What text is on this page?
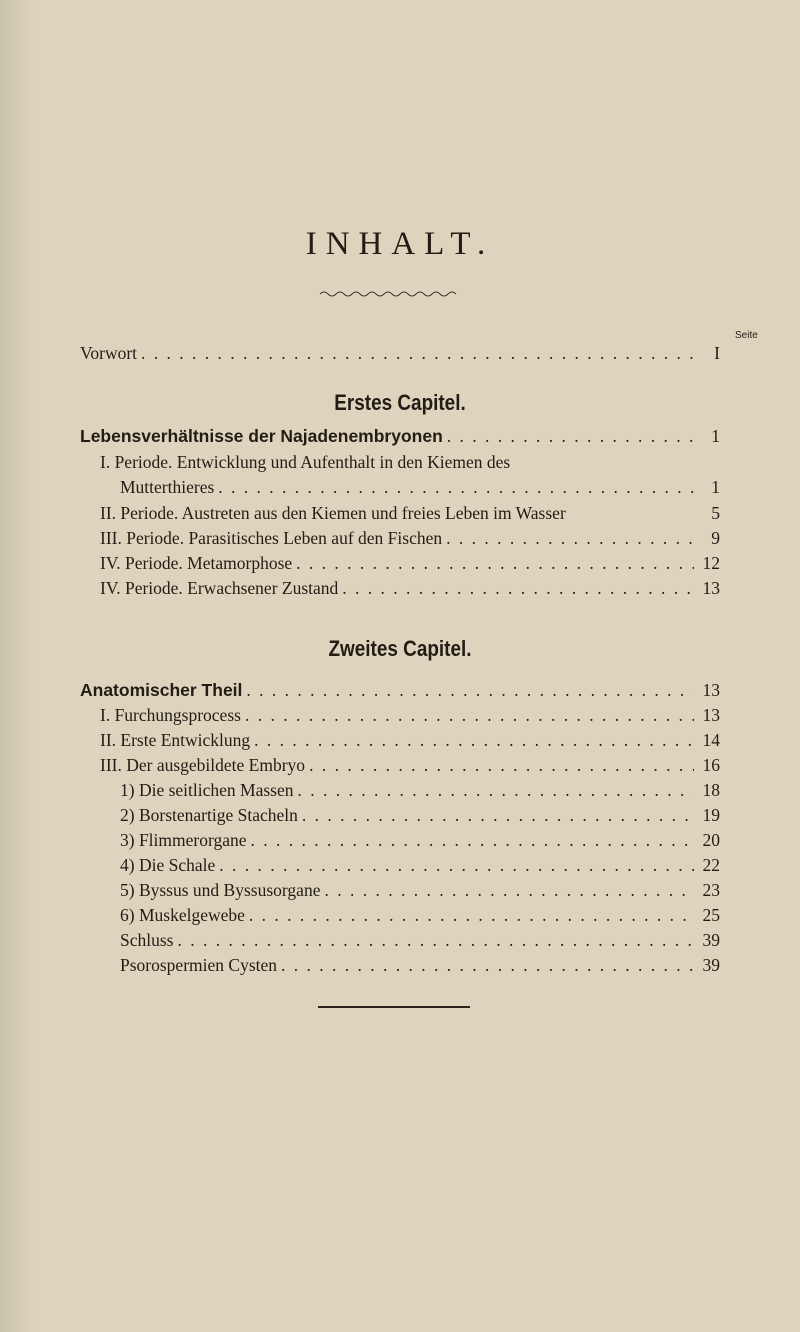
INHALT.
Seite
Vorwort . . .	I
Erstes Capitel.
Lebensverhältnisse der Najadenembryonen . . .	1
I. Periode. Entwicklung und Aufenthalt in den Kiemen des
Mutterthieres . . .	1
II. Periode. Austreten aus den Kiemen und freies Leben im Wasser	5
III. Periode. Parasitisches Leben auf den Fischen . . .	9
IV. Periode. Metamorphose . . .	12
IV. Periode. Erwachsener Zustand . . .	13
Zweites Capitel.
Anatomischer Theil . . .	13
I. Furchungsprocess . . .	13
II. Erste Entwicklung . . .	14
III. Der ausgebildete Embryo . . .	16
1) Die seitlichen Massen . . .	18
2) Borstenartige Stacheln . . .	19
3) Flimmerorgane . . .	20
4) Die Schale . . .	22
5) Byssus und Byssusorgane . . .	23
6) Muskelgewebe . . .	25
Schluss . . .	39
Psorospermien Cysten . . .	39
